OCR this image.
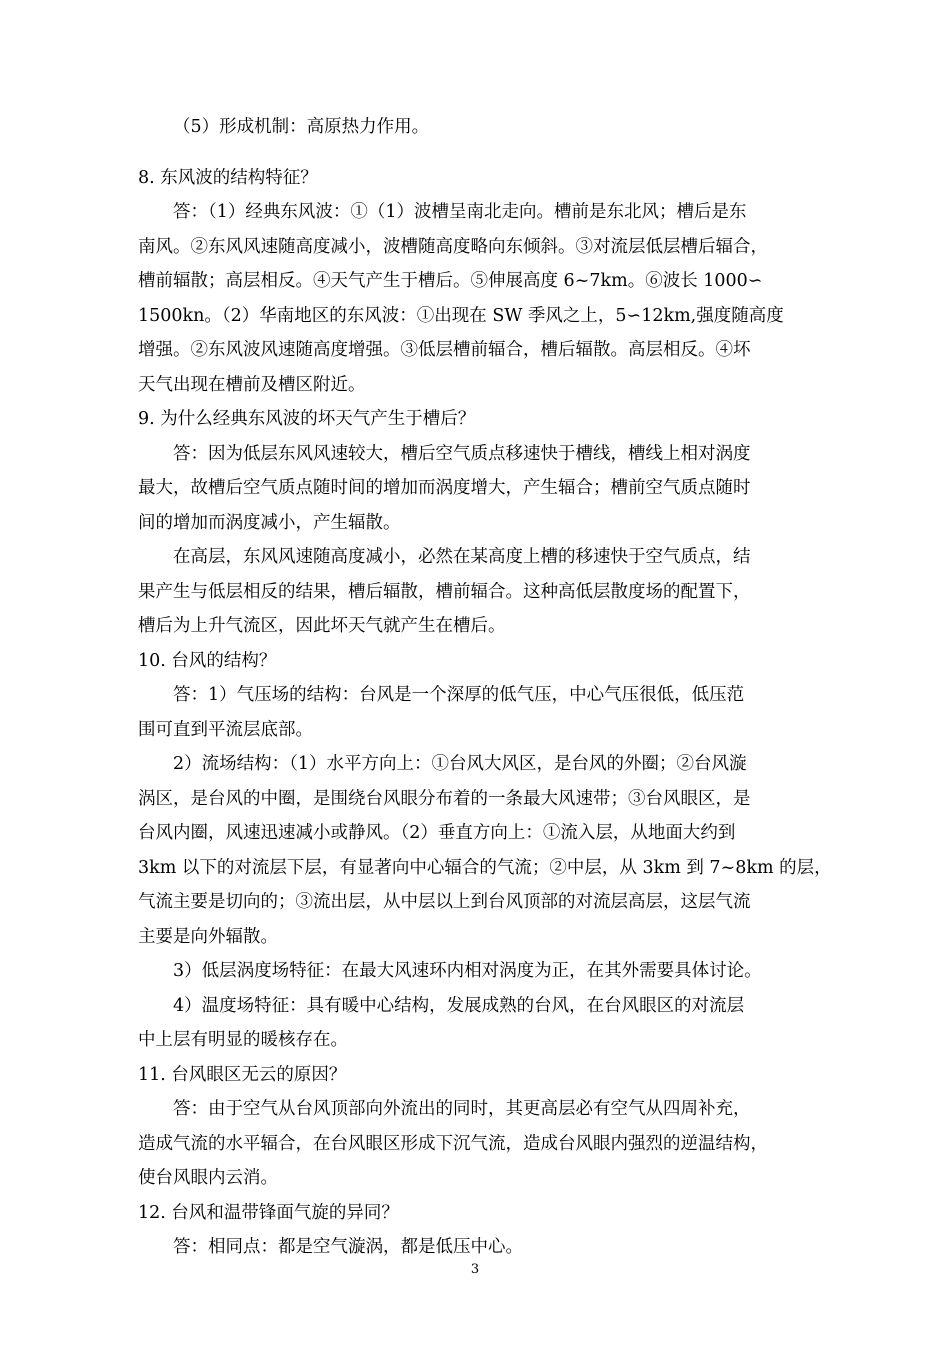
（5）形成机制：高原热力作用。
8. 东风波的结构特征？
答：（1）经典东风波：①（1）波槽呈南北走向。槽前是东北风；槽后是东
南风。②东风风速随高度减小，波槽随高度略向东倾斜。③对流层低层槽后辐合，
槽前辐散；高层相反。④天气产生于槽后。⑤伸展高度 6~7km。⑥波长 1000∽
1500kn。（2）华南地区的东风波：①出现在 SW 季风之上，5∽12km,强度随高度
增强。②东风波风速随高度增强。③低层槽前辐合，槽后辐散。高层相反。④坏
天气出现在槽前及槽区附近。
9. 为什么经典东风波的坏天气产生于槽后？
答：因为低层东风风速较大，槽后空气质点移速快于槽线，槽线上相对涡度
最大，故槽后空气质点随时间的增加而涡度增大，产生辐合；槽前空气质点随时
间的增加而涡度减小，产生辐散。
在高层，东风风速随高度减小，必然在某高度上槽的移速快于空气质点，结
果产生与低层相反的结果，槽后辐散，槽前辐合。这种高低层散度场的配置下，
槽后为上升气流区，因此坏天气就产生在槽后。
10. 台风的结构？
答：1）气压场的结构：台风是一个深厚的低气压，中心气压很低，低压范
围可直到平流层底部。
2）流场结构：（1）水平方向上：①台风大风区，是台风的外圈；②台风漩
涡区，是台风的中圈，是围绕台风眼分布着的一条最大风速带；③台风眼区，是
台风内圈，风速迅速减小或静风。（2）垂直方向上：①流入层，从地面大约到
3km 以下的对流层下层，有显著向中心辐合的气流；②中层，从 3km 到 7~8km 的层，
气流主要是切向的；③流出层，从中层以上到台风顶部的对流层高层，这层气流
主要是向外辐散。
3）低层涡度场特征：在最大风速环内相对涡度为正，在其外需要具体讨论。
4）温度场特征：具有暖中心结构，发展成熟的台风，在台风眼区的对流层
中上层有明显的暖核存在。
11. 台风眼区无云的原因？
答：由于空气从台风顶部向外流出的同时，其更高层必有空气从四周补充，
造成气流的水平辐合，在台风眼区形成下沉气流，造成台风眼内强烈的逆温结构，
使台风眼内云消。
12. 台风和温带锋面气旋的异同？
答：相同点：都是空气漩涡，都是低压中心。
3
